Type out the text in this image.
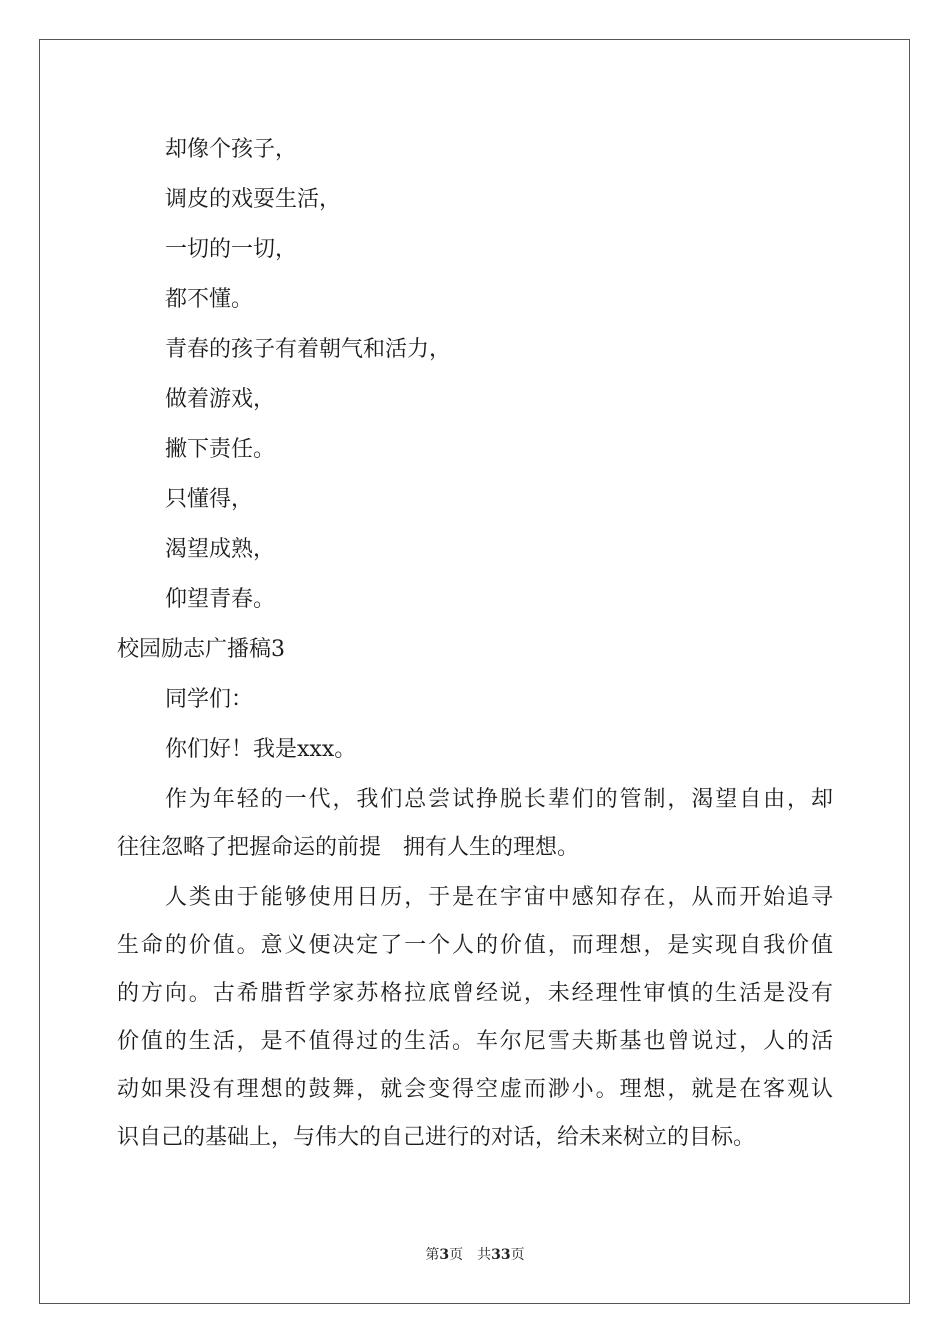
却像个孩子，
调皮的戏耍生活，
一切的一切，
都不懂。
青春的孩子有着朝气和活力，
做着游戏，
撇下责任。
只懂得，
渴望成熟，
仰望青春。
校园励志广播稿3
同学们：
你们好！我是xxx。
作为年轻的一代，我们总尝试挣脱长辈们的管制，渴望自由，却
往往忽略了把握命运的前提　拥有人生的理想。
人类由于能够使用日历，于是在宇宙中感知存在，从而开始追寻
生命的价值。意义便决定了一个人的价值，而理想，是实现自我价值
的方向。古希腊哲学家苏格拉底曾经说，未经理性审慎的生活是没有
价值的生活，是不值得过的生活。车尔尼雪夫斯基也曾说过，人的活
动如果没有理想的鼓舞，就会变得空虚而渺小。理想，就是在客观认
识自己的基础上，与伟大的自己进行的对话，给未来树立的目标。
第3页　共33页
